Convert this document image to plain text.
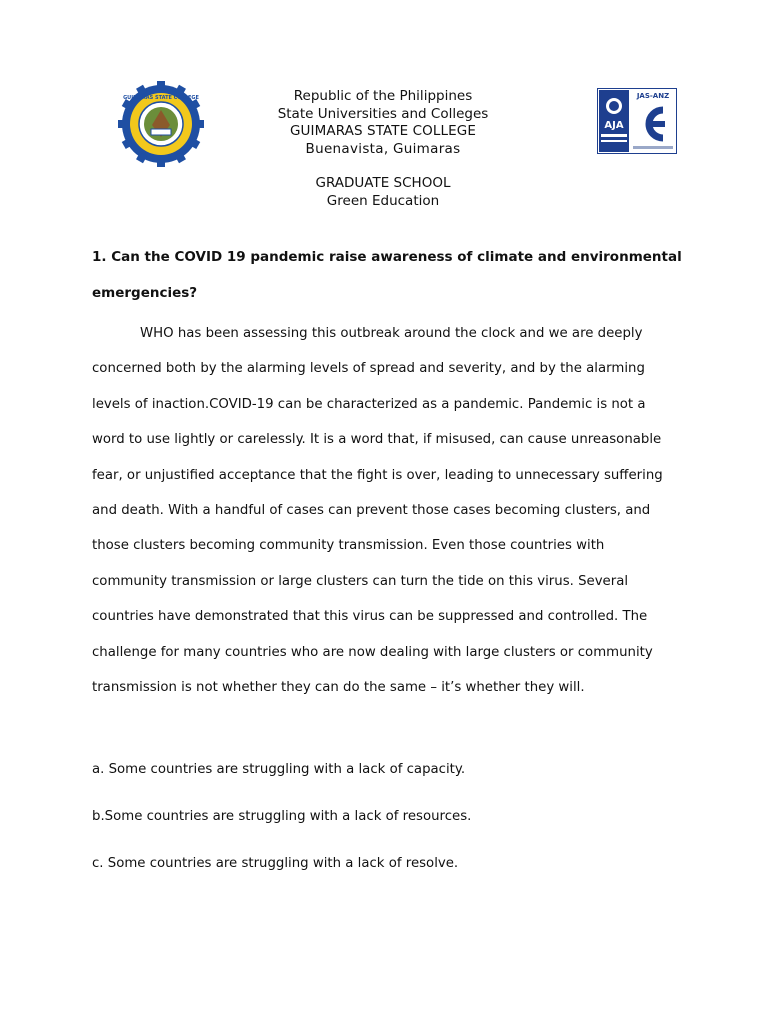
GUIMARAS STATE COLLEGE
AJA
JAS-ANZ
Republic of the Philippines
State Universities and Colleges
GUIMARAS STATE COLLEGE
Buenavista, Guimaras
GRADUATE SCHOOL
Green Education
1. Can the COVID 19 pandemic raise awareness of climate and environmental emergencies?

WHO has been assessing this outbreak around the clock and we are deeply concerned both by the alarming levels of spread and severity, and by the alarming levels of inaction.COVID-19 can be characterized as a pandemic. Pandemic is not a word to use lightly or carelessly. It is a word that, if misused, can cause unreasonable fear, or unjustified acceptance that the fight is over, leading to unnecessary suffering and death. With a handful of cases can prevent those cases becoming clusters, and those clusters becoming community transmission. Even those countries with community transmission or large clusters can turn the tide on this virus. Several countries have demonstrated that this virus can be suppressed and controlled. The challenge for many countries who are now dealing with large clusters or community transmission is not whether they can do the same – it’s whether they will.

a. Some countries are struggling with a lack of capacity.
b.Some countries are struggling with a lack of resources.
c. Some countries are struggling with a lack of resolve.
